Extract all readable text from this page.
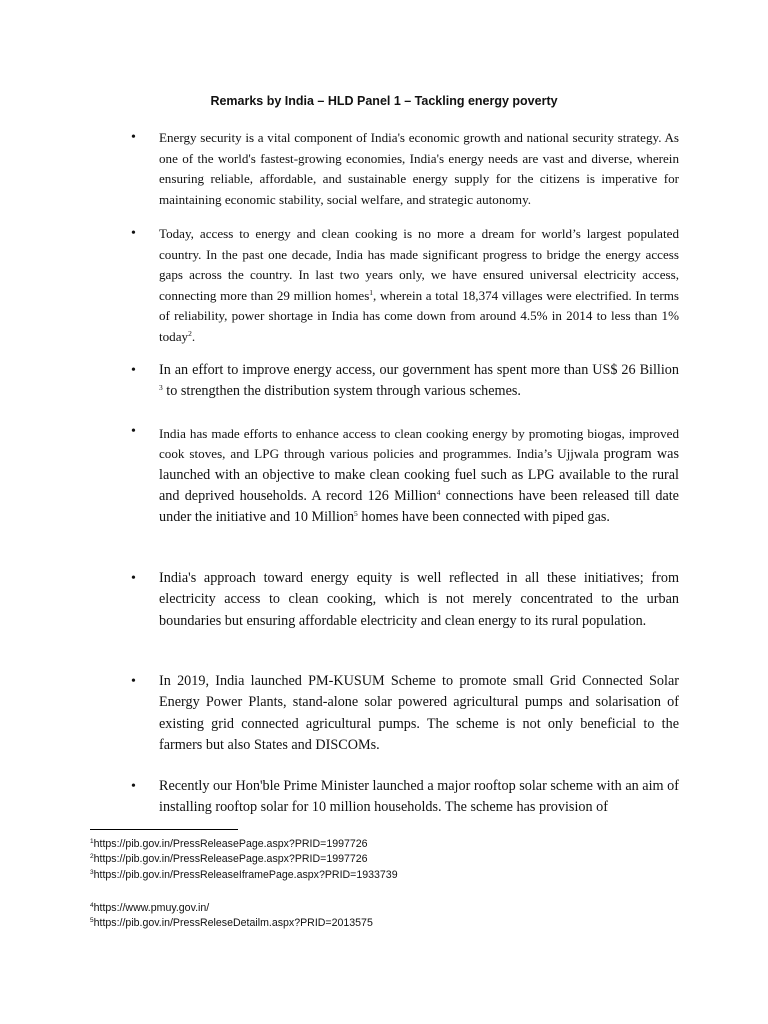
Remarks by India – HLD Panel 1 – Tackling energy poverty
• Energy security is a vital component of India's economic growth and national security strategy. As one of the world's fastest-growing economies, India's energy needs are vast and diverse, wherein ensuring reliable, affordable, and sustainable energy supply for the citizens is imperative for maintaining economic stability, social welfare, and strategic autonomy.
• Today, access to energy and clean cooking is no more a dream for world’s largest populated country. In the past one decade, India has made significant progress to bridge the energy access gaps across the country. In last two years only, we have ensured universal electricity access, connecting more than 29 million homes$^1$, wherein a total 18,374 villages were electrified. In terms of reliability, power shortage in India has come down from around 4.5% in 2014 to less than 1% today$^2$.
• In an effort to improve energy access, our government has spent more than US$ 26 Billion $^3$ to strengthen the distribution system through various schemes.
• India has made efforts to enhance access to clean cooking energy by promoting biogas, improved cook stoves, and LPG through various policies and programmes. India’s Ujjwala program was launched with an objective to make clean cooking fuel such as LPG available to the rural and deprived households. A record 126 Million$^4$ connections have been released till date under the initiative and 10 Million$^5$ homes have been connected with piped gas.
• India's approach toward energy equity is well reflected in all these initiatives; from electricity access to clean cooking, which is not merely concentrated to the urban boundaries but ensuring affordable electricity and clean energy to its rural population.
• In 2019, India launched PM-KUSUM Scheme to promote small Grid Connected Solar Energy Power Plants, stand-alone solar powered agricultural pumps and solarisation of existing grid connected agricultural pumps. The scheme is not only beneficial to the farmers but also States and DISCOMs.
• Recently our Hon'ble Prime Minister launched a major rooftop solar scheme with an aim of installing rooftop solar for 10 million households. The scheme has provision of
$^1$https://pib.gov.in/PressReleasePage.aspx?PRID=1997726
$^2$https://pib.gov.in/PressReleasePage.aspx?PRID=1997726
$^3$https://pib.gov.in/PressReleaseIframePage.aspx?PRID=1933739
$^4$https://www.pmuy.gov.in/
$^5$https://pib.gov.in/PressReleseDetailm.aspx?PRID=2013575
